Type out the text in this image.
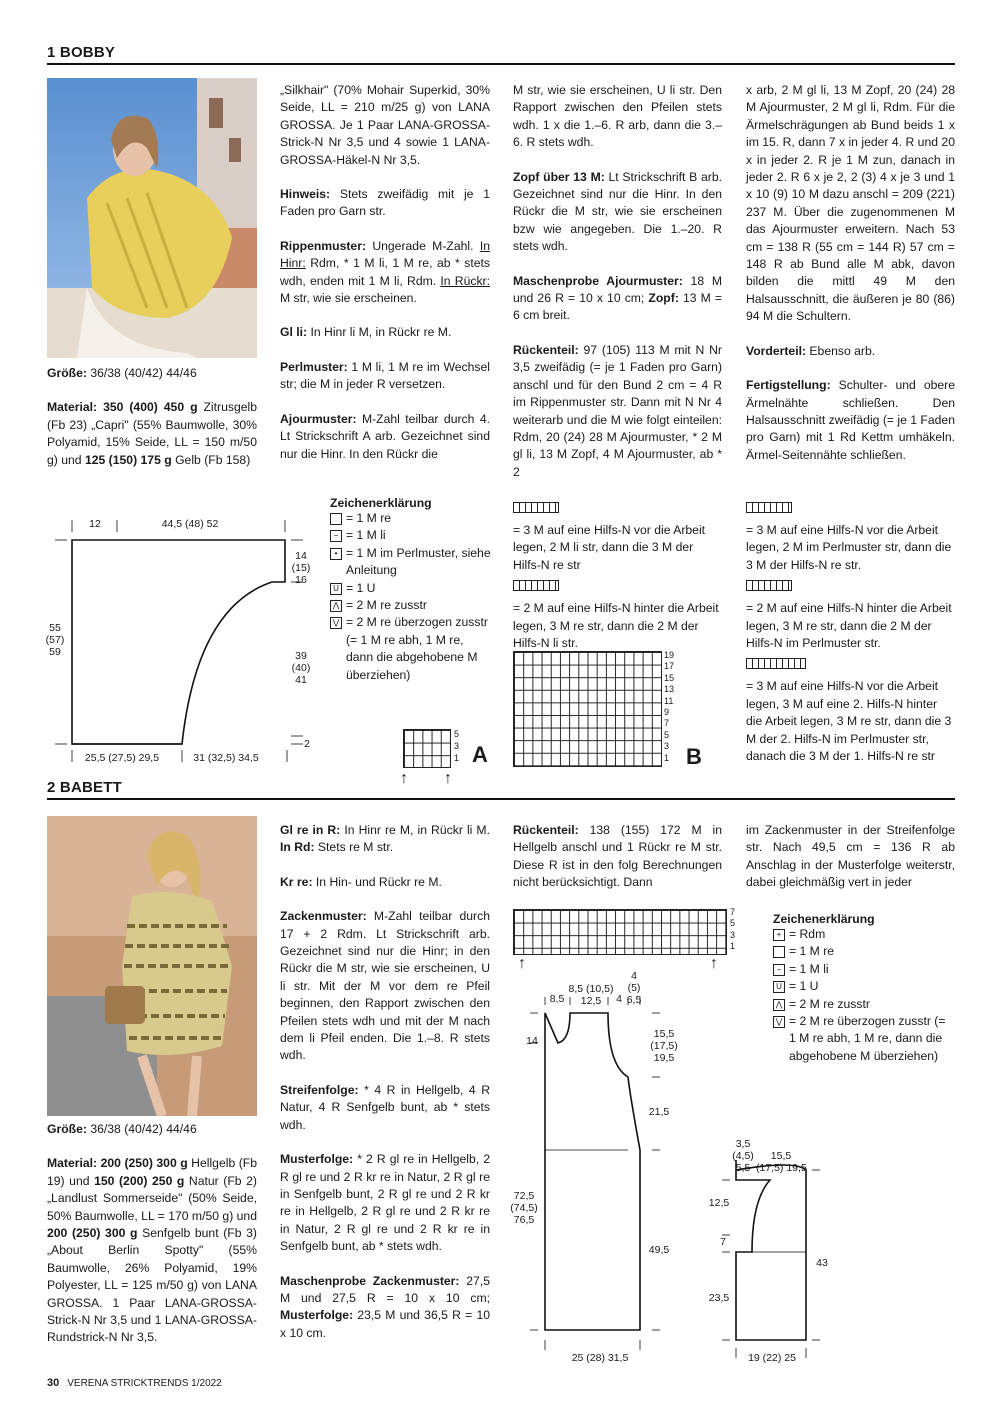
1 BOBBY

Größe: 36/38 (40/42) 44/46

Material: 350 (400) 450 g Zitrusgelb (Fb 23) „Capri" (55% Baumwolle, 30% Polyamid, 15% Seide, LL = 150 m/50 g) und 125 (150) 175 g Gelb (Fb 158)

„Silkhair" (70% Mohair Superkid, 30% Seide, LL = 210 m/25 g) von LANA GROSSA. Je 1 Paar LANA-GROSSA-Strick-N Nr 3,5 und 4 sowie 1 LANA-GROSSA-Häkel-N Nr 3,5.

Hinweis: Stets zweifädig mit je 1 Faden pro Garn str.

Rippenmuster: Ungerade M-Zahl. In Hinr: Rdm, * 1 M li, 1 M re, ab * stets wdh, enden mit 1 M li, Rdm. In Rückr: M str, wie sie erscheinen.

Gl li: In Hinr li M, in Rückr re M.

Perlmuster: 1 M li, 1 M re im Wechsel str; die M in jeder R versetzen.

Ajourmuster: M-Zahl teilbar durch 4. Lt Strickschrift A arb. Gezeichnet sind nur die Hinr. In den Rückr die

M str, wie sie erscheinen, U li str. Den Rapport zwischen den Pfeilen stets wdh. 1 x die 1.–6. R arb, dann die 3.–6. R stets wdh.

Zopf über 13 M: Lt Strickschrift B arb. Gezeichnet sind nur die Hinr. In den Rückr die M str, wie sie erscheinen bzw wie angegeben. Die 1.–20. R stets wdh.

Maschenprobe Ajourmuster: 18 M und 26 R = 10 x 10 cm; Zopf: 13 M = 6 cm breit.

Rückenteil: 97 (105) 113 M mit N Nr 3,5 zweifädig (= je 1 Faden pro Garn) anschl und für den Bund 2 cm = 4 R im Rippenmuster str. Dann mit N Nr 4 weiterarb und die M wie folgt einteilen: Rdm, 20 (24) 28 M Ajourmuster, * 2 M gl li, 13 M Zopf, 4 M Ajourmuster, ab * 2

x arb, 2 M gl li, 13 M Zopf, 20 (24) 28 M Ajourmuster, 2 M gl li, Rdm. Für die Ärmelschrägungen ab Bund beids 1 x im 15. R, dann 7 x in jeder 4. R und 20 x in jeder 2. R je 1 M zun, danach in jeder 2. R 6 x je 2, 2 (3) 4 x je 3 und 1 x 10 (9) 10 M dazu anschl = 209 (221) 237 M. Über die zugenommenen M das Ajourmuster erweitern. Nach 53 cm = 138 R (55 cm = 144 R) 57 cm = 148 R ab Bund alle M abk, davon bilden die mittl 49 M den Halsausschnitt, die äußeren je 80 (86) 94 M die Schultern.

Vorderteil: Ebenso arb.

Fertigstellung: Schulter- und obere Ärmelnähte schließen. Den Halsausschnitt zweifädig (= je 1 Faden pro Garn) mit 1 Rd Kettm umhäkeln. Ärmel-Seitennähte schließen.

12	44,5 (48) 52
14
(15)
16
55
(57)
59	39
(40)
41
2
25,5 (27,5) 29,5	31 (32,5) 34,5
Zeichenerklärung
= 1 M re
− = 1 M li
• = 1 M im Perlmuster, siehe Anleitung
U = 1 U
⋀ = 2 M re zusstr
⋁ = 2 M re überzogen zusstr (= 1 M re abh, 1 M re, dann die abgehobene M überziehen)
5
3
1
↑ ↑
A
= 3 M auf eine Hilfs-N vor die Arbeit legen, 2 M li str, dann die 3 M der Hilfs-N re str
= 2 M auf eine Hilfs-N hinter die Arbeit legen, 3 M re str, dann die 2 M der Hilfs-N li str.
19
17
15
13
11
9
7
5
3
1 B
= 3 M auf eine Hilfs-N vor die Arbeit legen, 2 M im Perlmuster str, dann die 3 M der Hilfs-N re str.
= 2 M auf eine Hilfs-N hinter die Arbeit legen, 3 M re str, dann die 2 M der Hilfs-N im Perlmuster str.
= 3 M auf eine Hilfs-N vor die Arbeit legen, 3 M auf eine 2. Hilfs-N hinter die Arbeit legen, 3 M re str, dann die 3 M der 2. Hilfs-N im Perlmuster str, danach die 3 M der 1. Hilfs-N re str
2 BABETT

Größe: 36/38 (40/42) 44/46

Material: 200 (250) 300 g Hellgelb (Fb 19) und 150 (200) 250 g Natur (Fb 2) „Landlust Sommerseide" (50% Seide, 50% Baumwolle, LL = 170 m/50 g) und 200 (250) 300 g Senfgelb bunt (Fb 3) „About Berlin Spotty" (55% Baumwolle, 26% Polyamid, 19% Polyester, LL = 125 m/50 g) von LANA GROSSA. 1 Paar LANA-GROSSA-Strick-N Nr 3,5 und 1 LANA-GROSSA-Rundstrick-N Nr 3,5.

Gl re in R: In Hinr re M, in Rückr li M. In Rd: Stets re M str.

Kr re: In Hin- und Rückr re M.

Zackenmuster: M-Zahl teilbar durch 17 + 2 Rdm. Lt Strickschrift arb. Gezeichnet sind nur die Hinr; in den Rückr die M str, wie sie erscheinen, U li str. Mit der M vor dem re Pfeil beginnen, den Rapport zwischen den Pfeilen stets wdh und mit der M nach dem li Pfeil enden. Die 1.–8. R stets wdh.

Streifenfolge: * 4 R in Hellgelb, 4 R Natur, 4 R Senfgelb bunt, ab * stets wdh.

Musterfolge: * 2 R gl re in Hellgelb, 2 R gl re und 2 R kr re in Natur, 2 R gl re in Senfgelb bunt, 2 R gl re und 2 R kr re in Hellgelb, 2 R gl re und 2 R kr re in Natur, 2 R gl re und 2 R kr re in Senfgelb bunt, ab * stets wdh.

Maschenprobe Zackenmuster: 27,5 M und 27,5 R = 10 x 10 cm; Musterfolge: 23,5 M und 36,5 R = 10 x 10 cm.

Rückenteil: 138 (155) 172 M in Hellgelb anschl und 1 Rückr re M str. Diese R ist in den folg Berechnungen nicht berücksichtigt. Dann

im Zackenmuster in der Streifenfolge str. Nach 49,5 cm = 136 R ab Anschlag in der Musterfolge weiterstr, dabei gleichmäßig vert in jeder

7
5
3
1
↑	↑
Zeichenerklärung
+ = Rdm
= 1 M re
− = 1 M li
U = 1 U
⋀ = 2 M re zusstr
⋁ = 2 M re überzogen zusstr (= 1 M re abh, 1 M re, dann die abgehobene M überziehen)
8,5
8,5 (10,5)
12,5	4
4
(5)
6,5
14
15,5
(17,5)
19,5
21,5
72,5
(74,5)
76,5
49,5
25 (28) 31,5
3,5
(4,5)
5,5
15,5
(17,5) 19,5
12,5
7
43
23,5
19 (22) 25
30 VERENA STRICKTRENDS 1/2022
